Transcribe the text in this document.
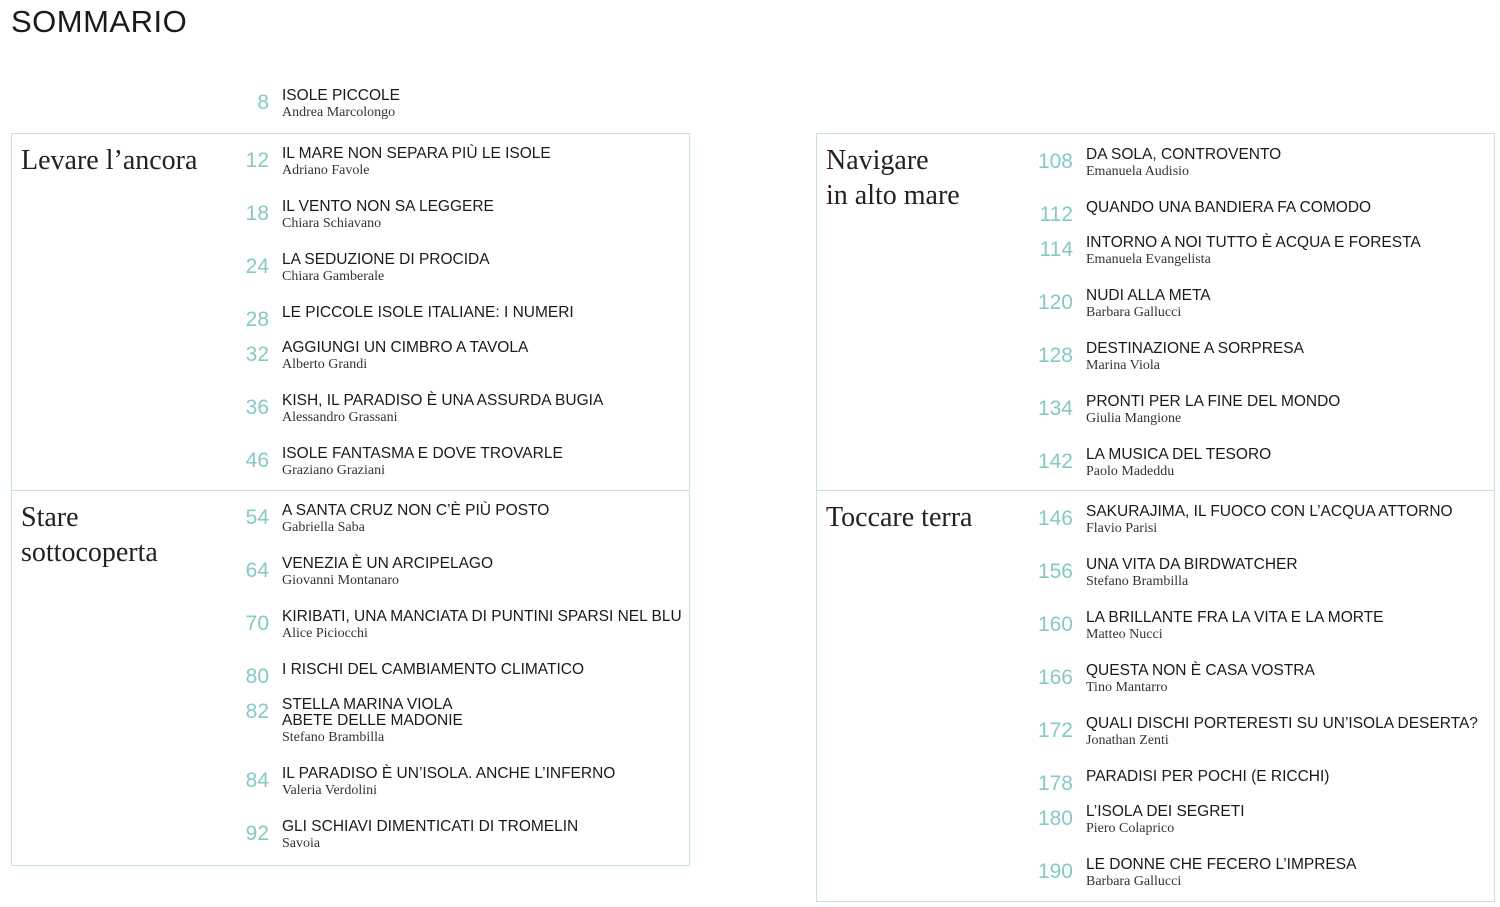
SOMMARIO
8 ISOLE PICCOLE
Andrea Marcolongo
Levare l’ancora	12 IL MARE NON SEPARA PIÙ LE ISOLE
Adriano Favole
18 IL VENTO NON SA LEGGERE
Chiara Schiavano
24 LA SEDUZIONE DI PROCIDA
Chiara Gamberale
28 LE PICCOLE ISOLE ITALIANE: I NUMERI
32 AGGIUNGI UN CIMBRO A TAVOLA
Alberto Grandi
36 KISH, IL PARADISO È UNA ASSURDA BUGIA
Alessandro Grassani
46 ISOLE FANTASMA E DOVE TROVARLE
Graziano Graziani
Stare
sottocoperta
54 A SANTA CRUZ NON C’È PIÙ POSTO
Gabriella Saba
64 VENEZIA È UN ARCIPELAGO
Giovanni Montanaro
70 KIRIBATI, UNA MANCIATA DI PUNTINI SPARSI NEL BLU
Alice Piciocchi
80 I RISCHI DEL CAMBIAMENTO CLIMATICO
82 STELLA MARINA VIOLA
ABETE DELLE MADONIE
Stefano Brambilla
84 IL PARADISO È UN’ISOLA. ANCHE L’INFERNO
Valeria Verdolini
92 GLI SCHIAVI DIMENTICATI DI TROMELIN
Savoia
Navigare
in alto mare
108 DA SOLA, CONTROVENTO
Emanuela Audisio
112 QUANDO UNA BANDIERA FA COMODO
114 INTORNO A NOI TUTTO È ACQUA E FORESTA
Emanuela Evangelista
120 NUDI ALLA META
Barbara Gallucci
128 DESTINAZIONE A SORPRESA
Marina Viola
134 PRONTI PER LA FINE DEL MONDO
Giulia Mangione
142 LA MUSICA DEL TESORO
Paolo Madeddu
Toccare terra	146 SAKURAJIMA, IL FUOCO CON L’ACQUA ATTORNO
Flavio Parisi
156 UNA VITA DA BIRDWATCHER
Stefano Brambilla
160 LA BRILLANTE FRA LA VITA E LA MORTE
Matteo Nucci
166 QUESTA NON È CASA VOSTRA
Tino Mantarro
172 QUALI DISCHI PORTERESTI SU UN’ISOLA DESERTA?
Jonathan Zenti
178 PARADISI PER POCHI (E RICCHI)
180 L’ISOLA DEI SEGRETI
Piero Colaprico
190 LE DONNE CHE FECERO L’IMPRESA
Barbara Gallucci
